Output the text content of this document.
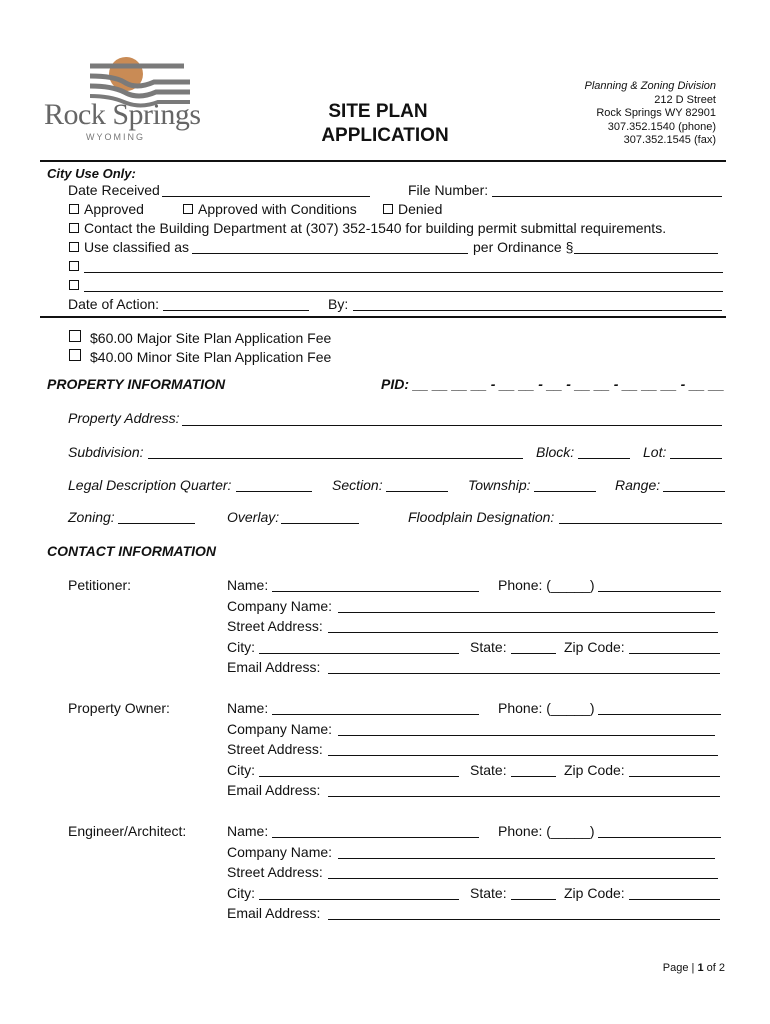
Rock Springs
WYOMING
SITE PLAN
APPLICATION
Planning & Zoning Division
212 D Street
Rock Springs WY 82901
307.352.1540 (phone)
307.352.1545 (fax)
City Use Only:
Date Received	File Number:
Approved	Approved with Conditions	Denied
Contact the Building Department at (307) 352-1540 for building permit submittal requirements.
Use classified as	per Ordinance §
Date of Action:	By:
$60.00 Major Site Plan Application Fee
$40.00 Minor Site Plan Application Fee
PROPERTY INFORMATION	PID: __ __ __ __ - __ __ - __ - __ __ - __ __ __ - __ __
Property Address:
Subdivision:	Block:	Lot:
Legal Description Quarter:	Section:	Township:	Range:
Zoning:	Overlay:	Floodplain Designation:
CONTACT INFORMATION
Petitioner:	Name:	Phone: (_____)
Company Name:
Street Address:
City:	State:	Zip Code:
Email Address:
Property Owner:	Name:	Phone: (_____)
Company Name:
Street Address:
City:	State:	Zip Code:
Email Address:
Engineer/Architect:	Name:	Phone: (_____)
Company Name:
Street Address:
City:	State:	Zip Code:
Email Address:
Page | 1 of 2
